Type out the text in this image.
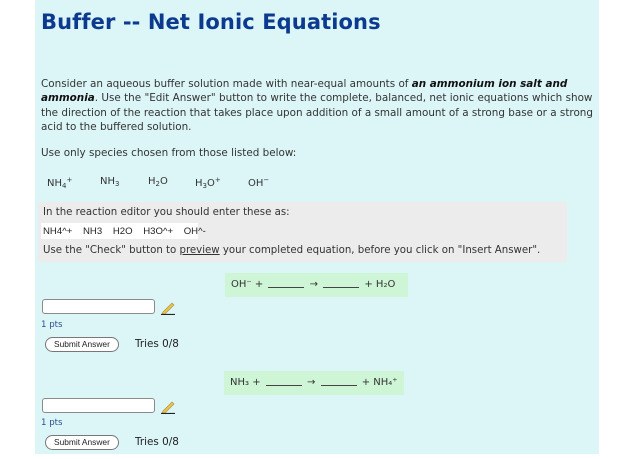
Buffer -- Net Ionic Equations
Consider an aqueous buffer solution made with near-equal amounts of an ammonium ion salt and ammonia. Use the "Edit Answer" button to write the complete, balanced, net ionic equations which show the direction of the reaction that takes place upon addition of a small amount of a strong base or a strong acid to the buffered solution.
Use only species chosen from those listed below:
$NH_4^+$	$NH_3$	$H_2O$	$H_3O^+$	OH−
In the reaction editor you should enter these as:
NH4^+ NH3 H2O H3O^+ OH^-
Use the "Check" button to preview your completed equation, before you click on "Insert Answer".
OH⁻ +	→	+ H₂O
1 pts
Submit Answer	Tries 0/8
NH₃ +	→	+ NH₄⁺
1 pts
Submit Answer	Tries 0/8
